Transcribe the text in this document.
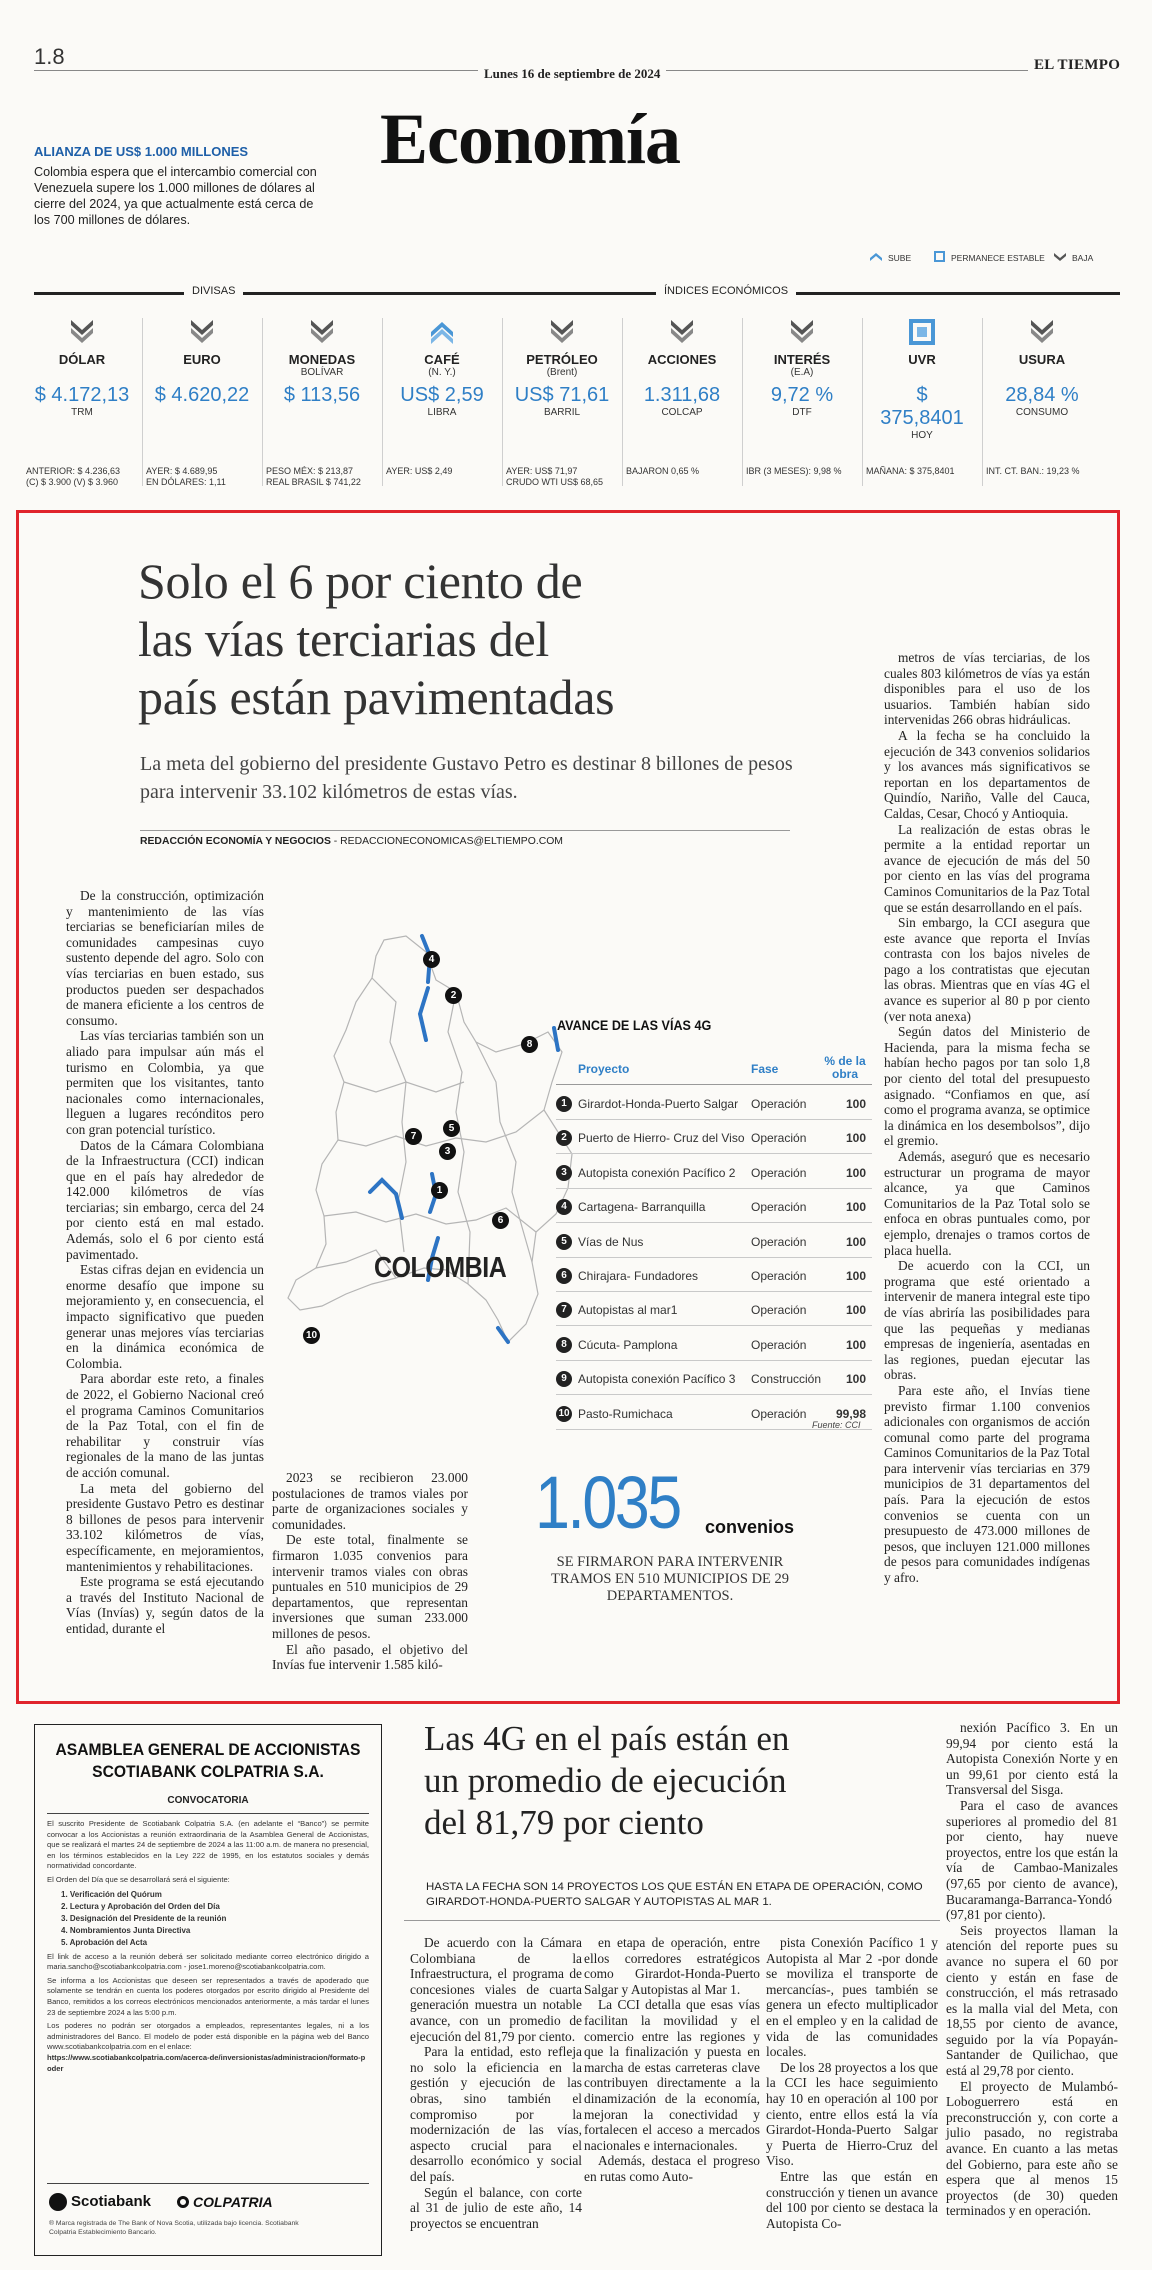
1.8
Lunes 16 de septiembre de 2024
EL TIEMPO
Economía
ALIANZA DE US$ 1.000 MILLONES
Colombia espera que el intercambio comercial con Venezuela supere los 1.000 millones de dólares al cierre del 2024, ya que actualmente está cerca de los 700 millones de dólares.
SUBE	PERMANECE ESTABLE	BAJA
DIVISAS	ÍNDICES ECONÓMICOS
DÓLAR
$ 4.172,13
TRM
ANTERIOR: $ 4.236,63
(C) $ 3.900 (V) $ 3.960
EURO
$ 4.620,22
AYER: $ 4.689,95
EN DÓLARES: 1,11
MONEDAS
BOLÍVAR
$ 113,56
PESO MÉX: $ 213,87
REAL BRASIL $ 741,22
CAFÉ
(N. Y.)
US$ 2,59
LIBRA
AYER: US$ 2,49
PETRÓLEO
(Brent)
US$ 71,61
BARRIL
AYER: US$ 71,97
CRUDO WTI US$ 68,65
ACCIONES
1.311,68
COLCAP
BAJARON 0,65 %
INTERÉS
(E.A)
9,72 %
DTF
IBR (3 MESES): 9,98 %
UVR
$ 375,8401
HOY
MAÑANA: $ 375,8401
USURA
28,84 %
CONSUMO
INT. CT. BAN.: 19,23 %
Solo el 6 por ciento de
las vías terciarias del
país están pavimentadas
La meta del gobierno del presidente Gustavo Petro es destinar 8 billones de pesos para intervenir 33.102 kilómetros de estas vías.
REDACCIÓN ECONOMÍA Y NEGOCIOS - REDACCIONECONOMICAS@ELTIEMPO.COM

De la construcción, optimización y mantenimiento de las vías terciarias se beneficiarían miles de comunidades campesinas cuyo sustento depende del agro. Solo con vías terciarias en buen estado, sus productos pueden ser despachados de manera eficiente a los centros de consumo.

Las vías terciarias también son un aliado para impulsar aún más el turismo en Colombia, ya que permiten que los visitantes, tanto nacionales como internacionales, lleguen a lugares recónditos pero con gran potencial turístico.

Datos de la Cámara Colombiana de la Infraestructura (CCI) indican que en el país hay alrededor de 142.000 kilómetros de vías terciarias; sin embargo, cerca del 24 por ciento está en mal estado. Además, solo el 6 por ciento está pavimentado.

Estas cifras dejan en evidencia un enorme desafío que impone su mejoramiento y, en consecuencia, el impacto significativo que pueden generar unas mejores vías terciarias en la dinámica económica de Colombia.

Para abordar este reto, a finales de 2022, el Gobierno Nacional creó el programa Caminos Comunitarios de la Paz Total, con el fin de rehabilitar y construir vías regionales de la mano de las juntas de acción comunal.

La meta del gobierno del presidente Gustavo Petro es destinar 8 billones de pesos para intervenir 33.102 kilómetros de vías, específicamente, en mejoramientos, mantenimientos y rehabilitaciones.

Este programa se está ejecutando a través del Instituto Nacional de Vías (Invías) y, según datos de la entidad, durante el

2023 se recibieron 23.000 postulaciones de tramos viales por parte de organizaciones sociales y comunidades.

De este total, finalmente se firmaron 1.035 convenios para intervenir tramos viales con obras puntuales en 510 municipios de 29 departamentos, que representan inversiones que suman 233.000 millones de pesos.

El año pasado, el objetivo del Invías fue intervenir 1.585 kiló-

metros de vías terciarias, de los cuales 803 kilómetros de vías ya están disponibles para el uso de los usuarios. También habían sido intervenidas 266 obras hidráulicas.

A la fecha se ha concluido la ejecución de 343 convenios solidarios y los avances más significativos se reportan en los departamentos de Quindío, Nariño, Valle del Cauca, Caldas, Cesar, Chocó y Antioquia.

La realización de estas obras le permite a la entidad reportar un avance de ejecución de más del 50 por ciento en las vías del programa Caminos Comunitarios de la Paz Total que se están desarrollando en el país.

Sin embargo, la CCI asegura que este avance que reporta el Invías contrasta con los bajos niveles de pago a los contratistas que ejecutan las obras. Mientras que en vías 4G el avance es superior al 80 p por ciento (ver nota anexa)

Según datos del Ministerio de Hacienda, para la misma fecha se habían hecho pagos por tan solo 1,8 por ciento del total del presupuesto asignado. “Confiamos en que, así como el programa avanza, se optimice la dinámica en los desembolsos”, dijo el gremio.

Además, aseguró que es necesario estructurar un programa de mayor alcance, ya que Caminos Comunitarios de la Paz Total solo se enfoca en obras puntuales como, por ejemplo, drenajes o tramos cortos de placa huella.

De acuerdo con la CCI, un programa que esté orientado a intervenir de manera integral este tipo de vías abriría las posibilidades para que las pequeñas y medianas empresas de ingeniería, asentadas en las regiones, puedan ejecutar las obras.

Para este año, el Invías tiene previsto firmar 1.100 convenios adicionales con organismos de acción comunal como parte del programa Caminos Comunitarios de la Paz Total para intervenir vías terciarias en 379 municipios de 31 departamentos del país. Para la ejecución de estos convenios se cuenta con un presupuesto de 473.000 millones de pesos, que incluyen 121.000 millones de pesos para comunidades indígenas y afro.

4
2
8
5
7
3
1
6
10
COLOMBIA
AVANCE DE LAS VÍAS 4G
Proyecto	Fase
% de la obra
1 Girardot-Honda-Puerto Salgar Operación	100
2 Puerto de Hierro- Cruz del Viso Operación	100
3 Autopista conexión Pacífico 2 Operación	100
4 Cartagena- Barranquilla	Operación	100
5 Vías de Nus	Operación	100
6 Chirajara- Fundadores	Operación	100
7 Autopistas al mar1	Operación	100
8 Cúcuta- Pamplona	Operación	100
9 Autopista conexión Pacífico 3 Construcción	100
10 Pasto-Rumichaca	Operación	99,98
Fuente: CCI
1.035 convenios
SE FIRMARON PARA INTERVENIR TRAMOS EN 510 MUNICIPIOS DE 29 DEPARTAMENTOS.
ASAMBLEA GENERAL DE ACCIONISTAS
SCOTIABANK COLPATRIA S.A.
CONVOCATORIA

El suscrito Presidente de Scotiabank Colpatria S.A. (en adelante el “Banco”) se permite convocar a los Accionistas a reunión extraordinaria de la Asamblea General de Accionistas, que se realizará el martes 24 de septiembre de 2024 a las 11:00 a.m. de manera no presencial, en los términos establecidos en la Ley 222 de 1995, en los estatutos sociales y demás normatividad concordante.

El Orden del Día que se desarrollará será el siguiente:

1. Verificación del Quórum
2. Lectura y Aprobación del Orden del Día
3. Designación del Presidente de la reunión
4. Nombramientos Junta Directiva
5. Aprobación del Acta

El link de acceso a la reunión deberá ser solicitado mediante correo electrónico dirigido a maria.sancho@scotiabankcolpatria.com - jose1.moreno@scotiabankcolpatria.com.

Se informa a los Accionistas que deseen ser representados a través de apoderado que solamente se tendrán en cuenta los poderes otorgados por escrito dirigido al Presidente del Banco, remitidos a los correos electrónicos mencionados anteriormente, a más tardar el lunes 23 de septiembre 2024 a las 5:00 p.m.

Los poderes no podrán ser otorgados a empleados, representantes legales, ni a los administradores del Banco. El modelo de poder está disponible en la página web del Banco www.scotiabankcolpatria.com en el enlace:

https://www.scotiabankcolpatria.com/acerca-de/inversionistas/administracion/formato-poder

Scotiabank	COLPATRIA
® Marca registrada de The Bank of Nova Scotia, utilizada bajo licencia. Scotiabank Colpatria Establecimiento Bancario.
Las 4G en el país están en
un promedio de ejecución
del 81,79 por ciento
HASTA LA FECHA SON 14 PROYECTOS LOS QUE ESTÁN EN ETAPA DE OPERACIÓN, COMO GIRARDOT-HONDA-PUERTO SALGAR Y AUTOPISTAS AL MAR 1.

De acuerdo con la Cámara Colombiana de la Infraestructura, el programa de concesiones viales de cuarta generación muestra un notable avance, con un promedio de ejecución del 81,79 por ciento.

Para la entidad, esto refleja no solo la eficiencia en la gestión y ejecución de las obras, sino también el compromiso por la modernización de las vías, aspecto crucial para el desarrollo económico y social del país.

Según el balance, con corte al 31 de julio de este año, 14 proyectos se encuentran

en etapa de operación, entre ellos corredores estratégicos como Girardot-Honda-Puerto Salgar y Autopistas al Mar 1.

La CCI detalla que esas vías facilitan la movilidad y el comercio entre las regiones y que la finalización y puesta en marcha de estas carreteras clave contribuyen directamente a la dinamización de la economía, mejoran la conectividad y fortalecen el acceso a mercados nacionales e internacionales.

Además, destaca el progreso en rutas como Auto-

pista Conexión Pacífico 1 y Autopista al Mar 2 -por donde se moviliza el transporte de mercancías-, pues también se genera un efecto multiplicador en el empleo y en la calidad de vida de las comunidades locales.

De los 28 proyectos a los que la CCI les hace seguimiento hay 10 en operación al 100 por ciento, entre ellos está la vía Girardot-Honda-Puerto Salgar y Puerta de Hierro-Cruz del Viso.

Entre las que están en construcción y tienen un avance del 100 por ciento se destaca la Autopista Co-

nexión Pacífico 3. En un 99,94 por ciento está la Autopista Conexión Norte y en un 99,61 por ciento está la Transversal del Sisga.

Para el caso de avances superiores al promedio del 81 por ciento, hay nueve proyectos, entre los que están la vía de Cambao-Manizales (97,65 por ciento de avance), Bucaramanga-Barranca-Yondó (97,81 por ciento).

Seis proyectos llaman la atención del reporte pues su avance no supera el 60 por ciento y están en fase de construcción, el más retrasado es la malla vial del Meta, con 18,55 por ciento de avance, seguido por la vía Popayán-Santander de Quilichao, que está al 29,78 por ciento.

El proyecto de Mulambó-Loboguerrero está en preconstrucción y, con corte a julio pasado, no registraba avance. En cuanto a las metas del Gobierno, para este año se espera que al menos 15 proyectos (de 30) queden terminados y en operación.
